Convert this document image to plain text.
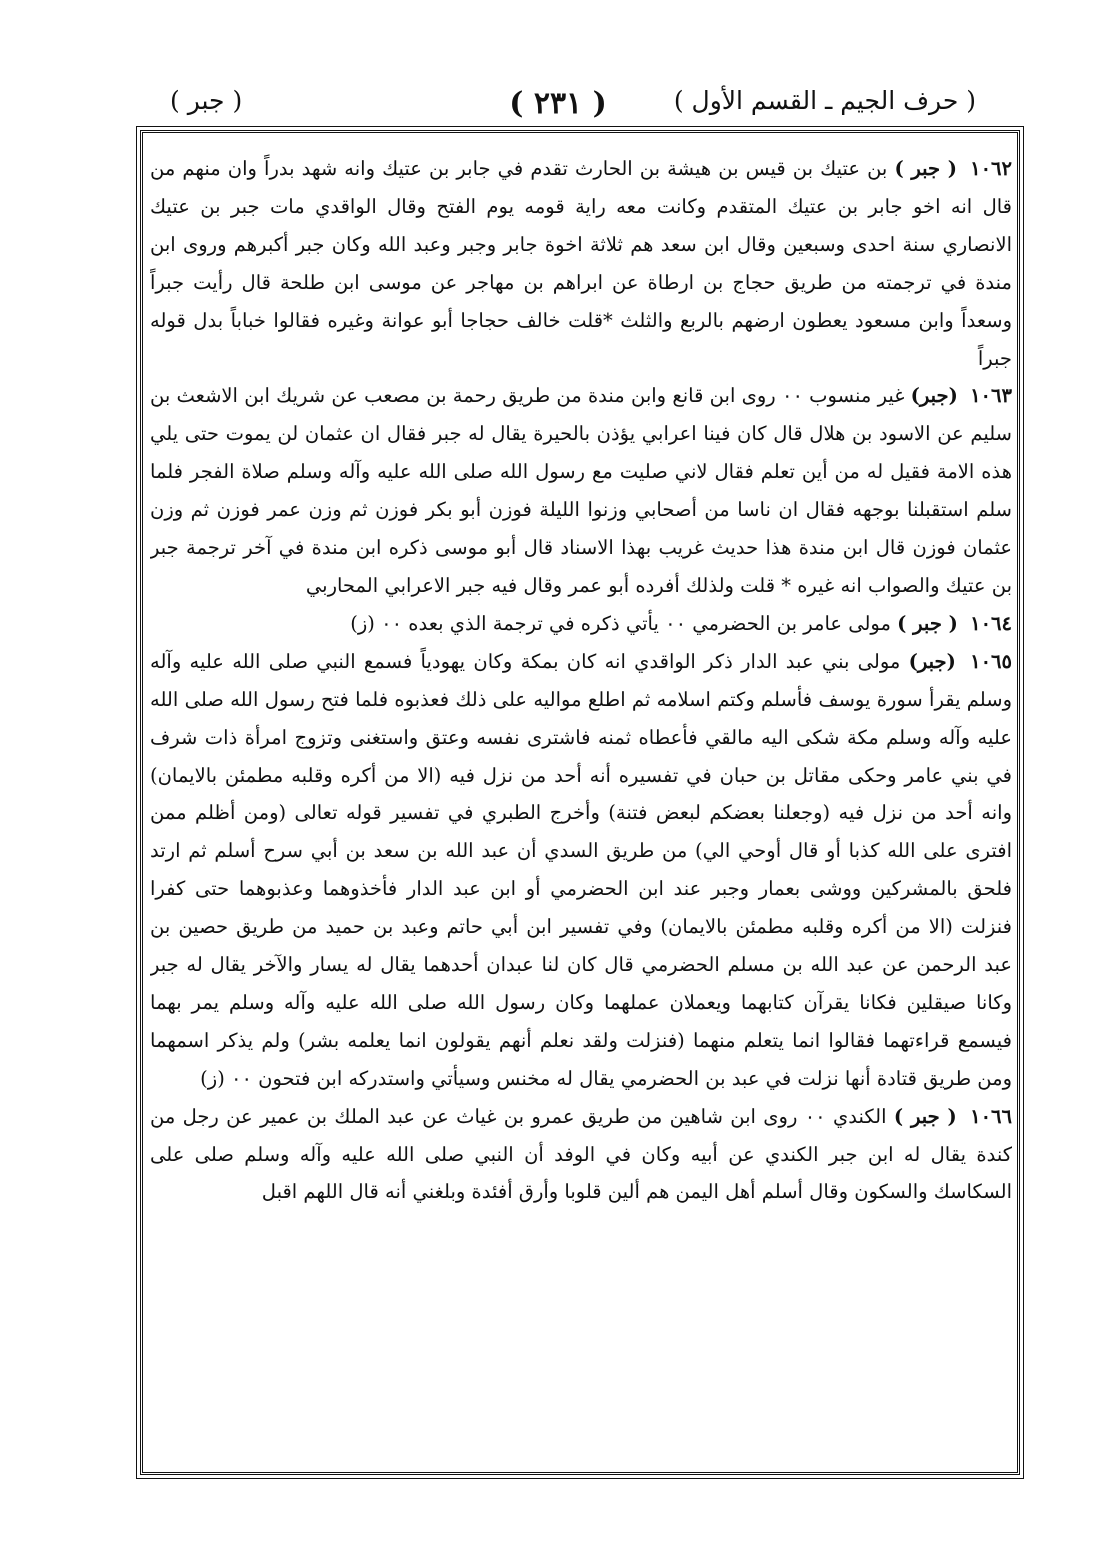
( حرف الجيم ـ القسم الأول )
( ٢٣١ )
( جبر )

١٠٦٢ ( جبر ) بن عتيك بن قيس بن هيشة بن الحارث تقدم في جابر بن عتيك وانه شهد بدراً وان منهم من قال انه اخو جابر بن عتيك المتقدم وكانت معه راية قومه يوم الفتح وقال الواقدي مات جبر بن عتيك الانصاري سنة احدى وسبعين وقال ابن سعد هم ثلاثة اخوة جابر وجبر وعبد الله وكان جبر أكبرهم وروى ابن مندة في ترجمته من طريق حجاج بن ارطاة عن ابراهم بن مهاجر عن موسى ابن طلحة قال رأيت جبراً وسعداً وابن مسعود يعطون ارضهم بالربع والثلث *قلت خالف حجاجا أبو عوانة وغيره فقالوا خباباً بدل قوله جبراً

١٠٦٣ (جبر) غير منسوب ٠٠ روى ابن قانع وابن مندة من طريق رحمة بن مصعب عن شريك ابن الاشعث بن سليم عن الاسود بن هلال قال كان فينا اعرابي يؤذن بالحيرة يقال له جبر فقال ان عثمان لن يموت حتى يلي هذه الامة فقيل له من أين تعلم فقال لاني صليت مع رسول الله صلى الله عليه وآله وسلم صلاة الفجر فلما سلم استقبلنا بوجهه فقال ان ناسا من أصحابي وزنوا الليلة فوزن أبو بكر فوزن ثم وزن عمر فوزن ثم وزن عثمان فوزن قال ابن مندة هذا حديث غريب بهذا الاسناد قال أبو موسى ذكره ابن مندة في آخر ترجمة جبر بن عتيك والصواب انه غيره * قلت ولذلك أفرده أبو عمر وقال فيه جبر الاعرابي المحاربي

١٠٦٤ ( جبر ) مولى عامر بن الحضرمي ٠٠ يأتي ذكره في ترجمة الذي بعده ٠٠ (ز)

١٠٦٥ (جبر) مولى بني عبد الدار ذكر الواقدي انه كان بمكة وكان يهودياً فسمع النبي صلى الله عليه وآله وسلم يقرأ سورة يوسف فأسلم وكتم اسلامه ثم اطلع مواليه على ذلك فعذبوه فلما فتح رسول الله صلى الله عليه وآله وسلم مكة شكى اليه مالقي فأعطاه ثمنه فاشترى نفسه وعتق واستغنى وتزوج امرأة ذات شرف في بني عامر وحكى مقاتل بن حبان في تفسيره أنه أحد من نزل فيه (الا من أكره وقلبه مطمئن بالايمان) وانه أحد من نزل فيه (وجعلنا بعضكم لبعض فتنة) وأخرج الطبري في تفسير قوله تعالى (ومن أظلم ممن افترى على الله كذبا أو قال أوحي الي) من طريق السدي أن عبد الله بن سعد بن أبي سرح أسلم ثم ارتد فلحق بالمشركين ووشى بعمار وجبر عند ابن الحضرمي أو ابن عبد الدار فأخذوهما وعذبوهما حتى كفرا فنزلت (الا من أكره وقلبه مطمئن بالايمان) وفي تفسير ابن أبي حاتم وعبد بن حميد من طريق حصين بن عبد الرحمن عن عبد الله بن مسلم الحضرمي قال كان لنا عبدان أحدهما يقال له يسار والآخر يقال له جبر وكانا صيقلين فكانا يقرآن كتابهما ويعملان عملهما وكان رسول الله صلى الله عليه وآله وسلم يمر بهما فيسمع قراءتهما فقالوا انما يتعلم منهما (فنزلت ولقد نعلم أنهم يقولون انما يعلمه بشر) ولم يذكر اسمهما ومن طريق قتادة أنها نزلت في عبد بن الحضرمي يقال له مخنس وسيأتي واستدركه ابن فتحون ٠٠ (ز)

١٠٦٦ ( جبر ) الكندي ٠٠ روى ابن شاهين من طريق عمرو بن غياث عن عبد الملك بن عمير عن رجل من كندة يقال له ابن جبر الكندي عن أبيه وكان في الوفد أن النبي صلى الله عليه وآله وسلم صلى على السكاسك والسكون وقال أسلم أهل اليمن هم ألين قلوبا وأرق أفئدة وبلغني أنه قال اللهم اقبل
